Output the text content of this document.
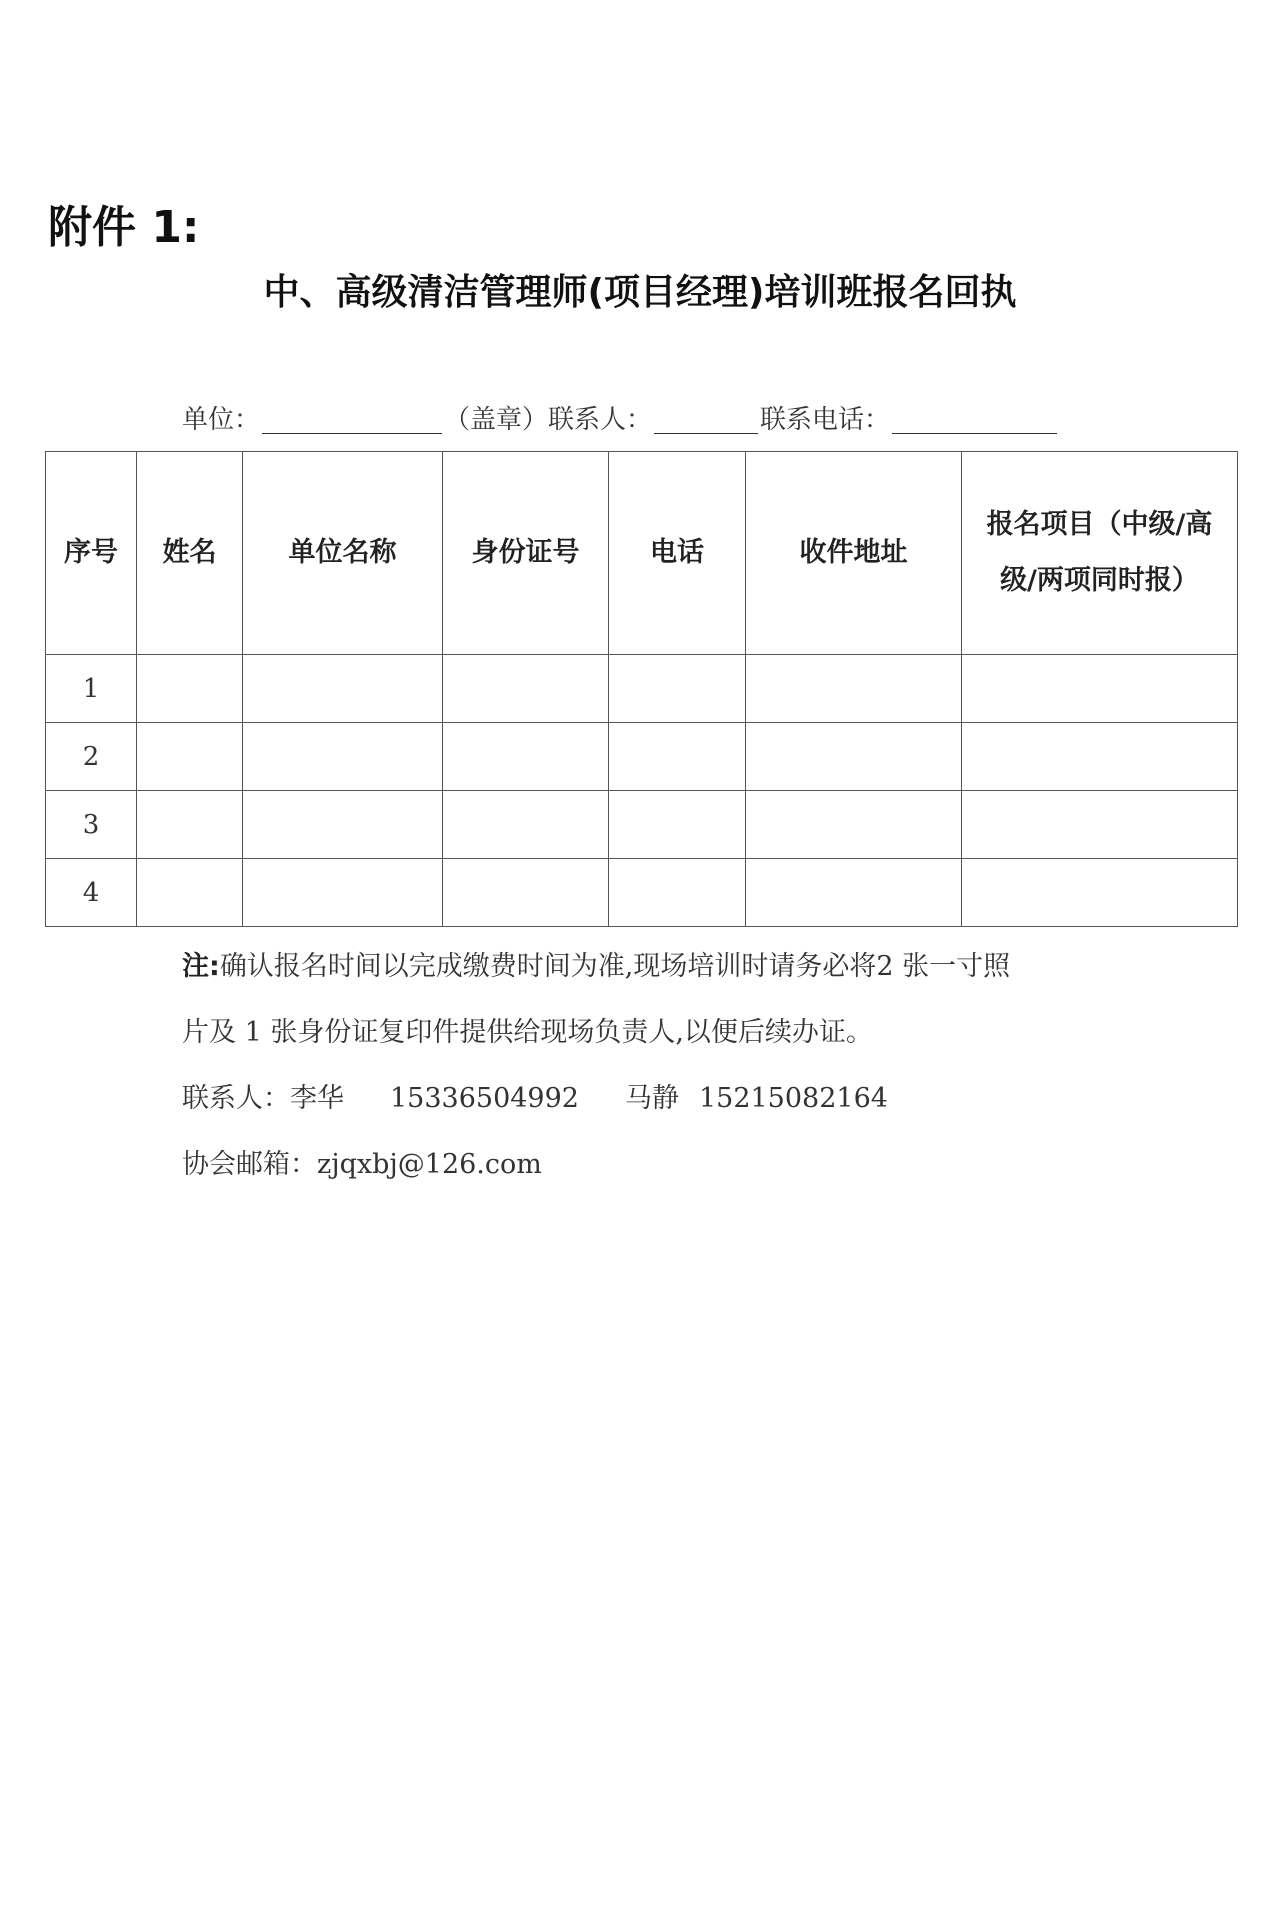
附件 1:
中、高级清洁管理师(项目经理)培训班报名回执
单位：	（盖章）联系人：	联系电话：
序号	姓名	单位名称	身份证号	电话	收件地址	报名项目（中级/高级/两项同时报）
1						
2						
3						
4						
注:确认报名时间以完成缴费时间为准,现场培训时请务必将2 张一寸照
片及 1 张身份证复印件提供给现场负责人,以便后续办证。
联系人：李华 15336504992 马静 15215082164
协会邮箱：zjqxbj@126.com
